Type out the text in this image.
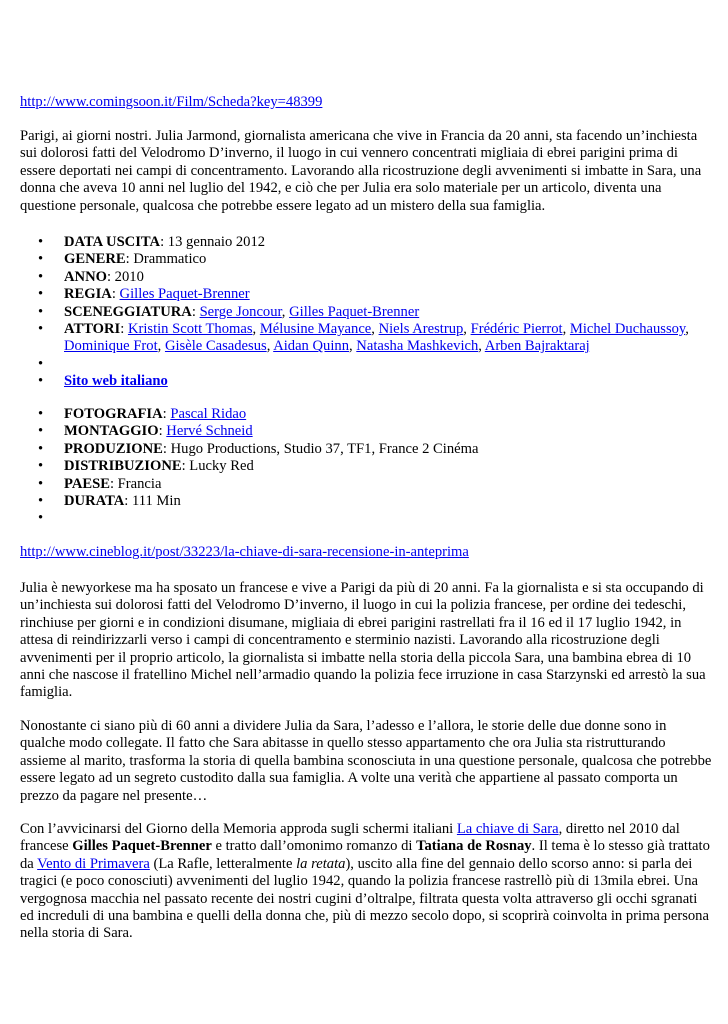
http://www.comingsoon.it/Film/Scheda?key=48399

Parigi, ai giorni nostri. Julia Jarmond, giornalista americana che vive in Francia da 20 anni, sta facendo un’inchiesta sui dolorosi fatti del Velodromo D’inverno, il luogo in cui vennero concentrati migliaia di ebrei parigini prima di essere deportati nei campi di concentramento. Lavorando alla ricostruzione degli avvenimenti si imbatte in Sara, una donna che aveva 10 anni nel luglio del 1942, e ciò che per Julia era solo materiale per un articolo, diventa una questione personale, qualcosa che potrebbe essere legato ad un mistero della sua famiglia.

• DATA USCITA: 13 gennaio 2012
• GENERE: Drammatico
• ANNO: 2010
• REGIA: Gilles Paquet-Brenner
• SCENEGGIATURA: Serge Joncour, Gilles Paquet-Brenner
• ATTORI: Kristin Scott Thomas, Mélusine Mayance, Niels Arestrup, Frédéric Pierrot, Michel Duchaussoy, Dominique Frot, Gisèle Casadesus, Aidan Quinn, Natasha Mashkevich, Arben Bajraktaraj
•
• Sito web italiano
• FOTOGRAFIA: Pascal Ridao
• MONTAGGIO: Hervé Schneid
• PRODUZIONE: Hugo Productions, Studio 37, TF1, France 2 Cinéma
• DISTRIBUZIONE: Lucky Red
• PAESE: Francia
• DURATA: 111 Min
•
http://www.cineblog.it/post/33223/la-chiave-di-sara-recensione-in-anteprima

Julia è newyorkese ma ha sposato un francese e vive a Parigi da più di 20 anni. Fa la giornalista e si sta occupando di un’inchiesta sui dolorosi fatti del Velodromo D’inverno, il luogo in cui la polizia francese, per ordine dei tedeschi, rinchiuse per giorni e in condizioni disumane, migliaia di ebrei parigini rastrellati fra il 16 ed il 17 luglio 1942, in attesa di reindirizzarli verso i campi di concentramento e sterminio nazisti. Lavorando alla ricostruzione degli avvenimenti per il proprio articolo, la giornalista si imbatte nella storia della piccola Sara, una bambina ebrea di 10 anni che nascose il fratellino Michel nell’armadio quando la polizia fece irruzione in casa Starzynski ed arrestò la sua famiglia.

Nonostante ci siano più di 60 anni a dividere Julia da Sara, l’adesso e l’allora, le storie delle due donne sono in qualche modo collegate. Il fatto che Sara abitasse in quello stesso appartamento che ora Julia sta ristrutturando assieme al marito, trasforma la storia di quella bambina sconosciuta in una questione personale, qualcosa che potrebbe essere legato ad un segreto custodito dalla sua famiglia. A volte una verità che appartiene al passato comporta un prezzo da pagare nel presente…

Con l’avvicinarsi del Giorno della Memoria approda sugli schermi italiani La chiave di Sara, diretto nel 2010 dal francese Gilles Paquet-Brenner e tratto dall’omonimo romanzo di Tatiana de Rosnay. Il tema è lo stesso già trattato da Vento di Primavera (La Rafle, letteralmente la retata), uscito alla fine del gennaio dello scorso anno: si parla dei tragici (e poco conosciuti) avvenimenti del luglio 1942, quando la polizia francese rastrellò più di 13mila ebrei. Una vergognosa macchia nel passato recente dei nostri cugini d’oltralpe, filtrata questa volta attraverso gli occhi sgranati ed increduli di una bambina e quelli della donna che, più di mezzo secolo dopo, si scoprirà coinvolta in prima persona nella storia di Sara.
